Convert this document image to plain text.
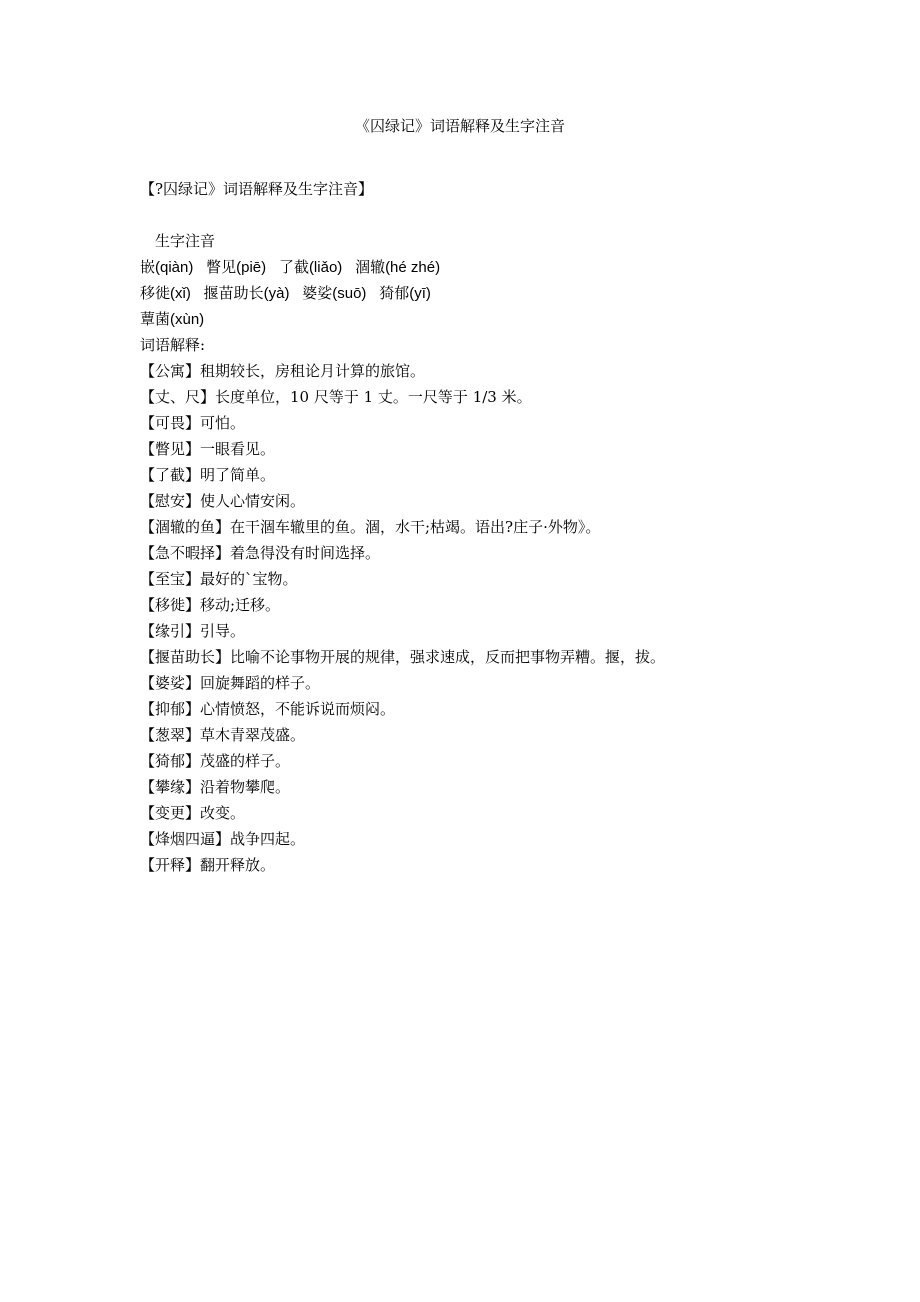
《囚绿记》词语解释及生字注音
【?囚绿记》词语解释及生字注音】
生字注音
嵌(qiàn) 瞥见(piē) 了截(liǎo) 涸辙(hé zhé)
移徙(xǐ) 揠苗助长(yà) 婆娑(suō) 猗郁(yī)
蕈菌(xùn)
词语解释:
【公寓】租期较长，房租论月计算的旅馆。
【丈、尺】长度单位，10 尺等于 1 丈。一尺等于 1/3 米。
【可畏】可怕。
【瞥见】一眼看见。
【了截】明了简单。
【慰安】使人心情安闲。
【涸辙的鱼】在干涸车辙里的鱼。涸，水干;枯竭。语出?庄子·外物》。
【急不暇择】着急得没有时间选择。
【至宝】最好的`宝物。
【移徙】移动;迁移。
【缘引】引导。
【揠苗助长】比喻不论事物开展的规律，强求速成，反而把事物弄糟。揠，拔。
【婆娑】回旋舞蹈的样子。
【抑郁】心情愤怒，不能诉说而烦闷。
【葱翠】草木青翠茂盛。
【猗郁】茂盛的样子。
【攀缘】沿着物攀爬。
【变更】改变。
【烽烟四逼】战争四起。
【开释】翻开释放。
